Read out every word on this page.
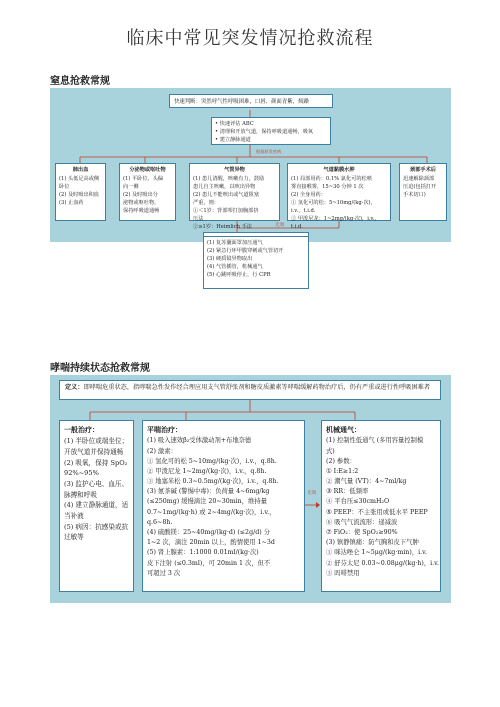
临床中常见突发情况抢救流程
窒息抢救常规
快速判断：突然呼气性呼吸困难，口唇、颜面青紫，烦躁
• 快速评估 ABC
• 清理和开放气道，保持呼吸道通畅，吸氧
• 建立静脉通道
根据原发疾病
肺出血
(1) 头低足高或侧
卧位
(2) 及时吸出积血
(3) 止血药
分泌物或呕吐物
(1) 平卧位，头偏
向一侧
(2) 及时吸出分
泌物或呕吐物，
保持呼吸道通畅
气管异物
(1) 患儿清醒，咳嗽有力，鼓励
患儿自主咳嗽，以咳出异物
(2) 患儿不能咳出或气道阻塞
严重，则：
①＜1岁：背部叩打加胸部挤
压法
②≥1岁：Heimlich 手法
气道黏膜水肿
(1) 局部用药：0.1% 氯化可的松喷
雾直接喉雾，15~30 分钟 1 次
(2) 全身用药：
① 氢化可的松：5~10mg/(kg·次)，
i.v.，t.i.d.
② 甲泼尼龙：1~2mg/(kg·次)，i.v.，
t.i.d.
颈部手术后
迅速解除颈部
压迫(包括打开
手术切口)
无效
(1) 复苏囊面罩加压通气
(2) 紧急行环甲膜穿刺或气管切开
(3) 硬质镜异物取出
(4) 气管插管，机械通气
(5) 心跳呼吸停止，行 CPR
哮喘持续状态抢救常规
定义：即哮喘危重状态，指哮喘急性发作经合理应用支气管舒张剂和糖皮质激素等哮喘缓解药物治疗后，仍有严重或进行性呼吸困难者
一般治疗：
(1) 半卧位或端坐位；
开放气道并保持通畅
(2) 吸氧，保持 SpO₂
92%~95%
(3) 监护心电、血压、
脉搏和呼吸
(4) 建立静脉通道，适
当补液
(5) 病因：抗感染或抗
过敏等
平喘治疗：
(1) 吸入速效β₂受体激动剂+布地奈德
(2) 激素：
① 氢化可的松 5~10mg/(kg·次)，i.v.，q.8h.
② 甲泼尼龙 1~2mg/(kg·次)，i.v.，q.8h.
③ 地塞米松 0.3~0.5mg/(kg·次)，i.v.，q.8h.
(3) 氨茶碱 (警惕中毒)：负荷量 4~6mg/kg
(≤250mg) 缓慢滴注 20~30min，维持量
0.7~1mg/(kg·h) 或 2~4mg/(kg·次)，i.v.，
q.6~8h.
(4) 硫酸镁：25~40mg/(kg·d) (≤2g/d) 分
1~2 次，滴注 20min 以上，酌情使用 1~3d
(5) 肾上腺素：1:1000 0.01ml/(kg·次)
皮下注射 (≤0.3ml)，可 20min 1 次，但不
可超过 3 次
无效
机械通气：
(1) 控制性低通气 (多用容量控制模
式)
(2) 参数：
① I:E≥1:2
② 潮气量 (VT)：4~7ml/kg
③ RR：低频率
④ 平台压≤30cmH₂O
⑤ PEEP：不主张用或低水平 PEEP
⑥ 吸气气流流形：递减波
⑦ FiO₂：使 SpO₂≥90%
(3) 镇静镇痛：防气胸和皮下气肿
① 咪达唑仑 1~5μg/(kg·min)，i.v.
② 舒芬太尼 0.03~0.08μg/(kg·h)，i.v.
③ 吗啡禁用
